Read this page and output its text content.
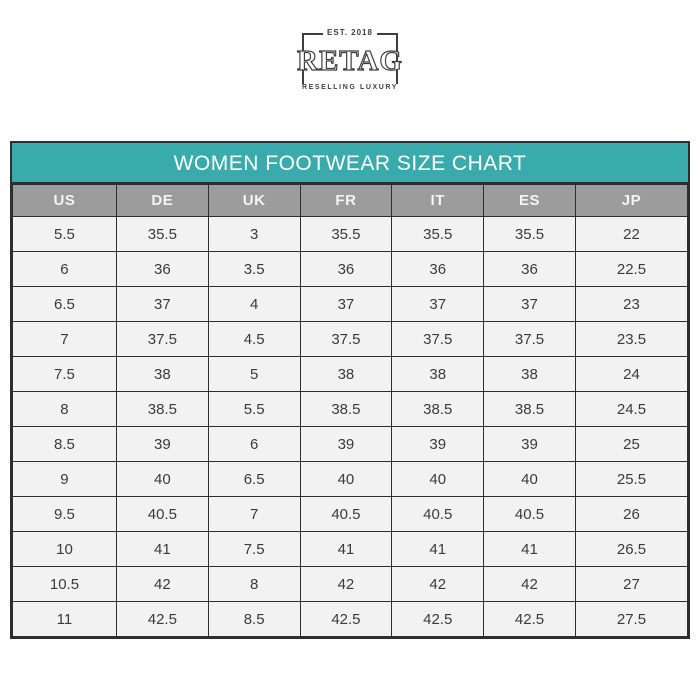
EST. 2018
RETAG
RESELLING LUXURY
WOMEN FOOTWEAR SIZE CHART
US	DE	UK	FR	IT	ES	JP
5.5	35.5	3	35.5	35.5	35.5	22
6	36	3.5	36	36	36	22.5
6.5	37	4	37	37	37	23
7	37.5	4.5	37.5	37.5	37.5	23.5
7.5	38	5	38	38	38	24
8	38.5	5.5	38.5	38.5	38.5	24.5
8.5	39	6	39	39	39	25
9	40	6.5	40	40	40	25.5
9.5	40.5	7	40.5	40.5	40.5	26
10	41	7.5	41	41	41	26.5
10.5	42	8	42	42	42	27
11	42.5	8.5	42.5	42.5	42.5	27.5
